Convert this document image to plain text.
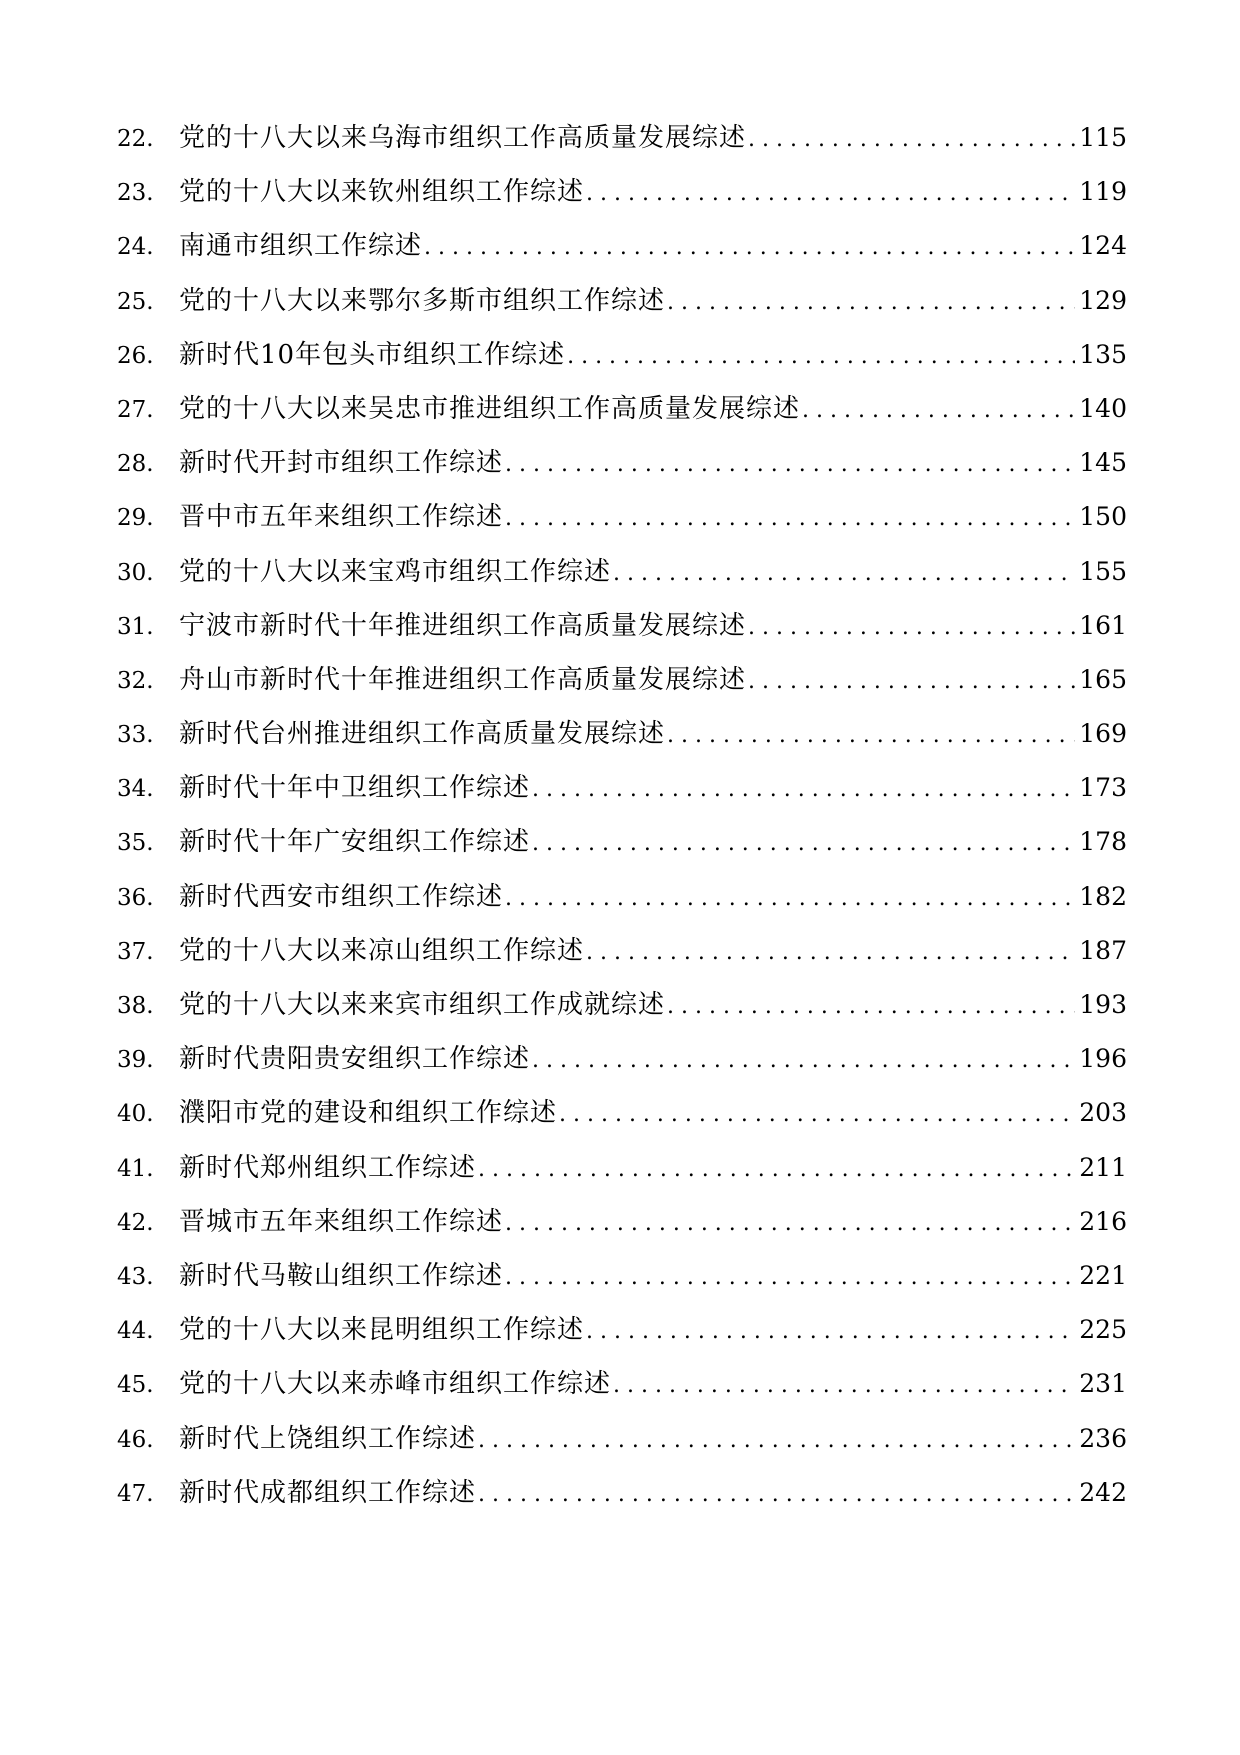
22. 党的十八大以来乌海市组织工作高质量发展综述 . . .	115
23. 党的十八大以来钦州组织工作综述 . . .	119
24. 南通市组织工作综述 . . .	124
25. 党的十八大以来鄂尔多斯市组织工作综述 . . .	129
26. 新时代10年包头市组织工作综述 . . .	135
27. 党的十八大以来吴忠市推进组织工作高质量发展综述 . . .	140
28. 新时代开封市组织工作综述 . . .	145
29. 晋中市五年来组织工作综述 . . .	150
30. 党的十八大以来宝鸡市组织工作综述 . . .	155
31. 宁波市新时代十年推进组织工作高质量发展综述 . . .	161
32. 舟山市新时代十年推进组织工作高质量发展综述 . . .	165
33. 新时代台州推进组织工作高质量发展综述 . . .	169
34. 新时代十年中卫组织工作综述 . . .	173
35. 新时代十年广安组织工作综述 . . .	178
36. 新时代西安市组织工作综述 . . .	182
37. 党的十八大以来凉山组织工作综述 . . .	187
38. 党的十八大以来来宾市组织工作成就综述 . . .	193
39. 新时代贵阳贵安组织工作综述 . . .	196
40. 濮阳市党的建设和组织工作综述 . . .	203
41. 新时代郑州组织工作综述 . . .	211
42. 晋城市五年来组织工作综述 . . .	216
43. 新时代马鞍山组织工作综述 . . .	221
44. 党的十八大以来昆明组织工作综述 . . .	225
45. 党的十八大以来赤峰市组织工作综述 . . .	231
46. 新时代上饶组织工作综述 . . .	236
47. 新时代成都组织工作综述 . . .	242
